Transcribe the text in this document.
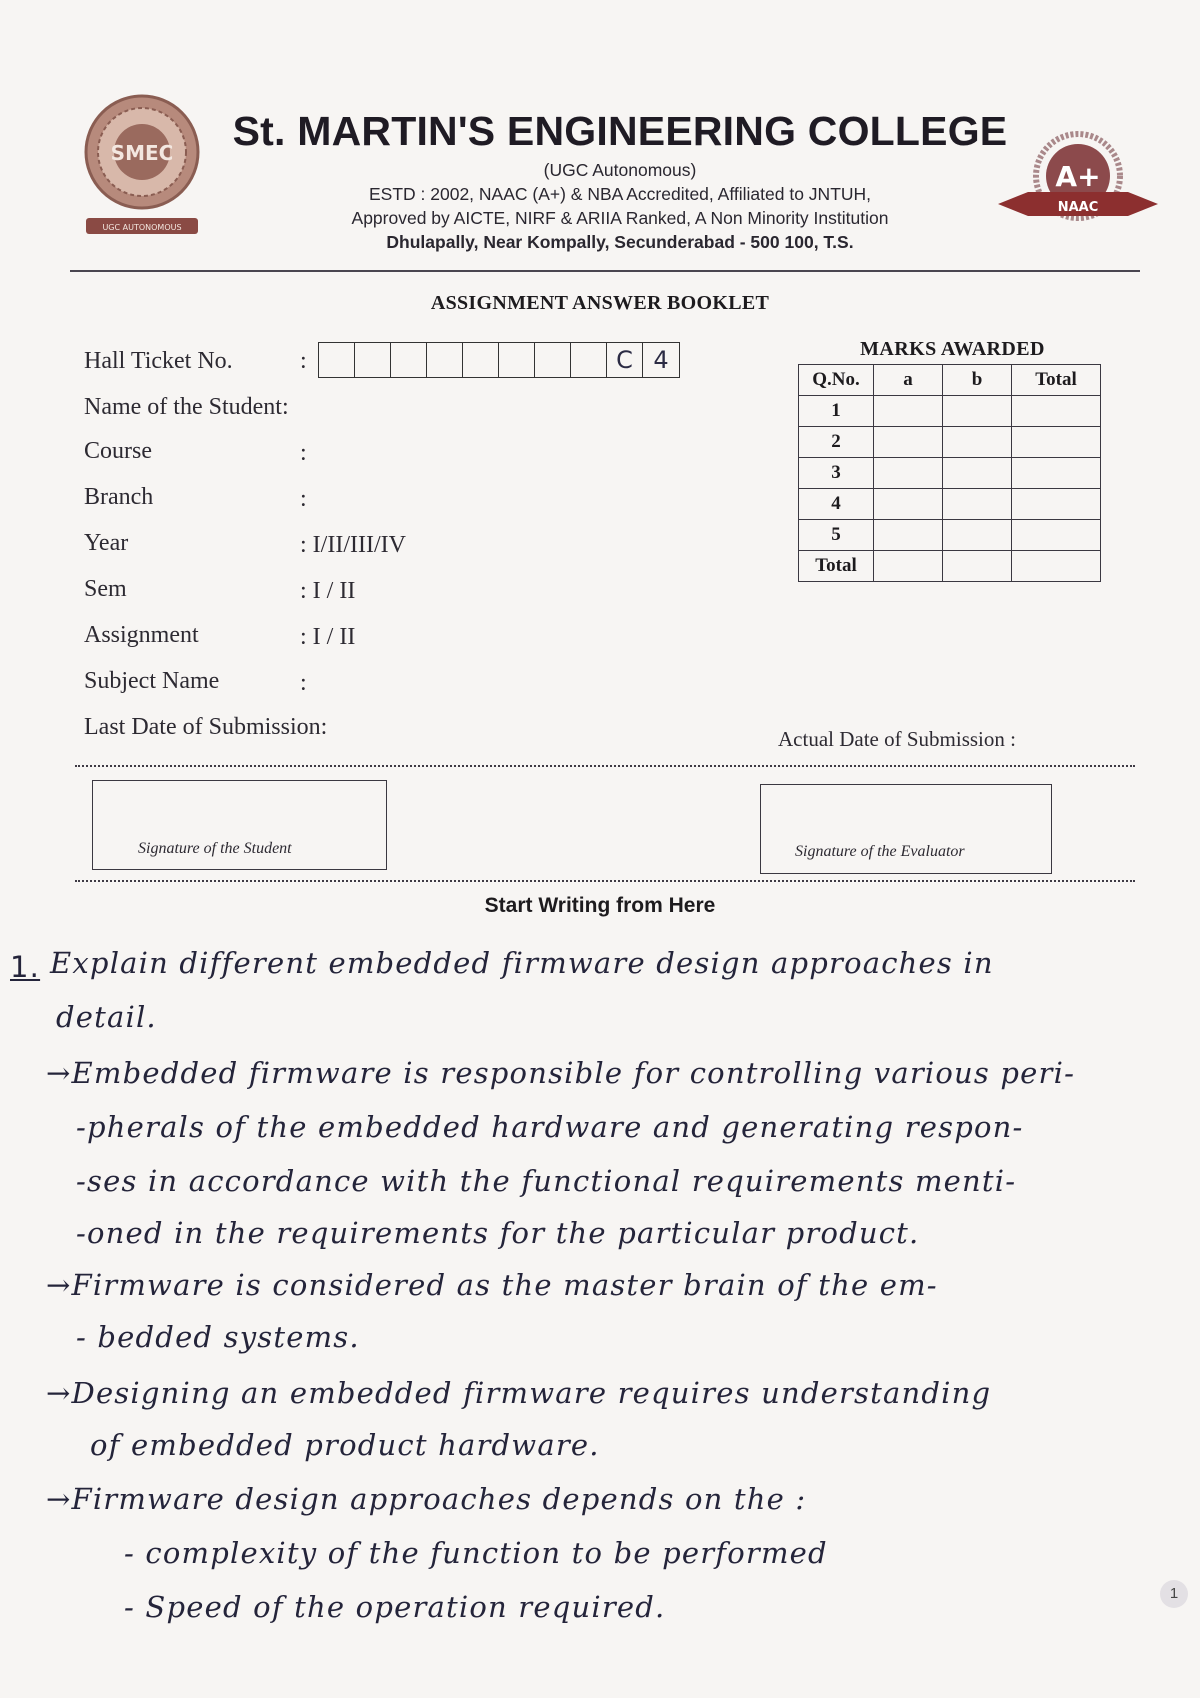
SMEC
UGC AUTONOMOUS
St. MARTIN'S ENGINEERING COLLEGE
(UGC Autonomous)
ESTD : 2002, NAAC (A+) & NBA Accredited, Affiliated to JNTUH,
Approved by AICTE, NIRF & ARIIA Ranked, A Non Minority Institution
Dhulapally, Near Kompally, Secunderabad - 500 100, T.S.
A+
NAAC
ASSIGNMENT ANSWER BOOKLET
Hall Ticket No.	:	C 4
Name of the Student:
Course	:
Branch	:
Year	: I/II/III/IV
Sem	: I / II
Assignment	: I / II
Subject Name	:
Last Date of Submission:	Actual Date of Submission :
MARKS AWARDED
Q.No.	a	b	Total
1			
2			
3			
4			
5			
Total			
Signature of the Student	Signature of the Evaluator
Start Writing from Here
1. Explain different embedded firmware design approaches in
detail.
→Embedded firmware is responsible for controlling various peri-
-pherals of the embedded hardware and generating respon-
-ses in accordance with the functional requirements menti-
-oned in the requirements for the particular product.
→Firmware is considered as the master brain of the em-
- bedded systems.
→Designing an embedded firmware requires understanding
of embedded product hardware.
→Firmware design approaches depends on the :
- complexity of the function to be performed
- Speed of the operation required.	1
